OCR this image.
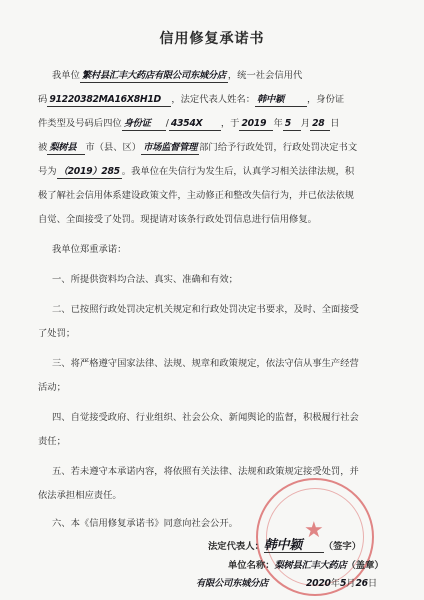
信用修复承诺书
我单位 繁村县汇丰大药店有限公司东城分店 ，统一社会信用代
码 91220382MA16X8H1D ，法定代表人姓名： 韩中颖 ，身份证
件类型及号码后四位 身份证 / 4354X ，于 2019 年 5 月 28 日
被 梨树县 市（县、区） 市场监督管理 部门给予行政处罚，行政处罚决定书文
号为 （2019）285 。我单位在失信行为发生后，认真学习相关法律法规，积
极了解社会信用体系建设政策文件，主动修正和整改失信行为，并已依法依规
自觉、全面接受了处罚。现提请对该条行政处罚信息进行信用修复。
我单位郑重承诺：
一、所提供资料均合法、真实、准确和有效；
二、已按照行政处罚决定机关规定和行政处罚决定书要求，及时、全面接受
了处罚；
三、将严格遵守国家法律、法规、规章和政策规定，依法守信从事生产经营
活动；
四、自觉接受政府、行业组织、社会公众、新闻舆论的监督，积极履行社会
责任；
五、若未遵守本承诺内容，将依照有关法律、法规和政策规定接受处罚，并
依法承担相应责任。
六、本《信用修复承诺书》同意向社会公开。	★
法定代表人：韩中颖 （签字）
单位名称：梨树县汇丰大药店（盖章）
有限公司东城分店	2020年5月26日
